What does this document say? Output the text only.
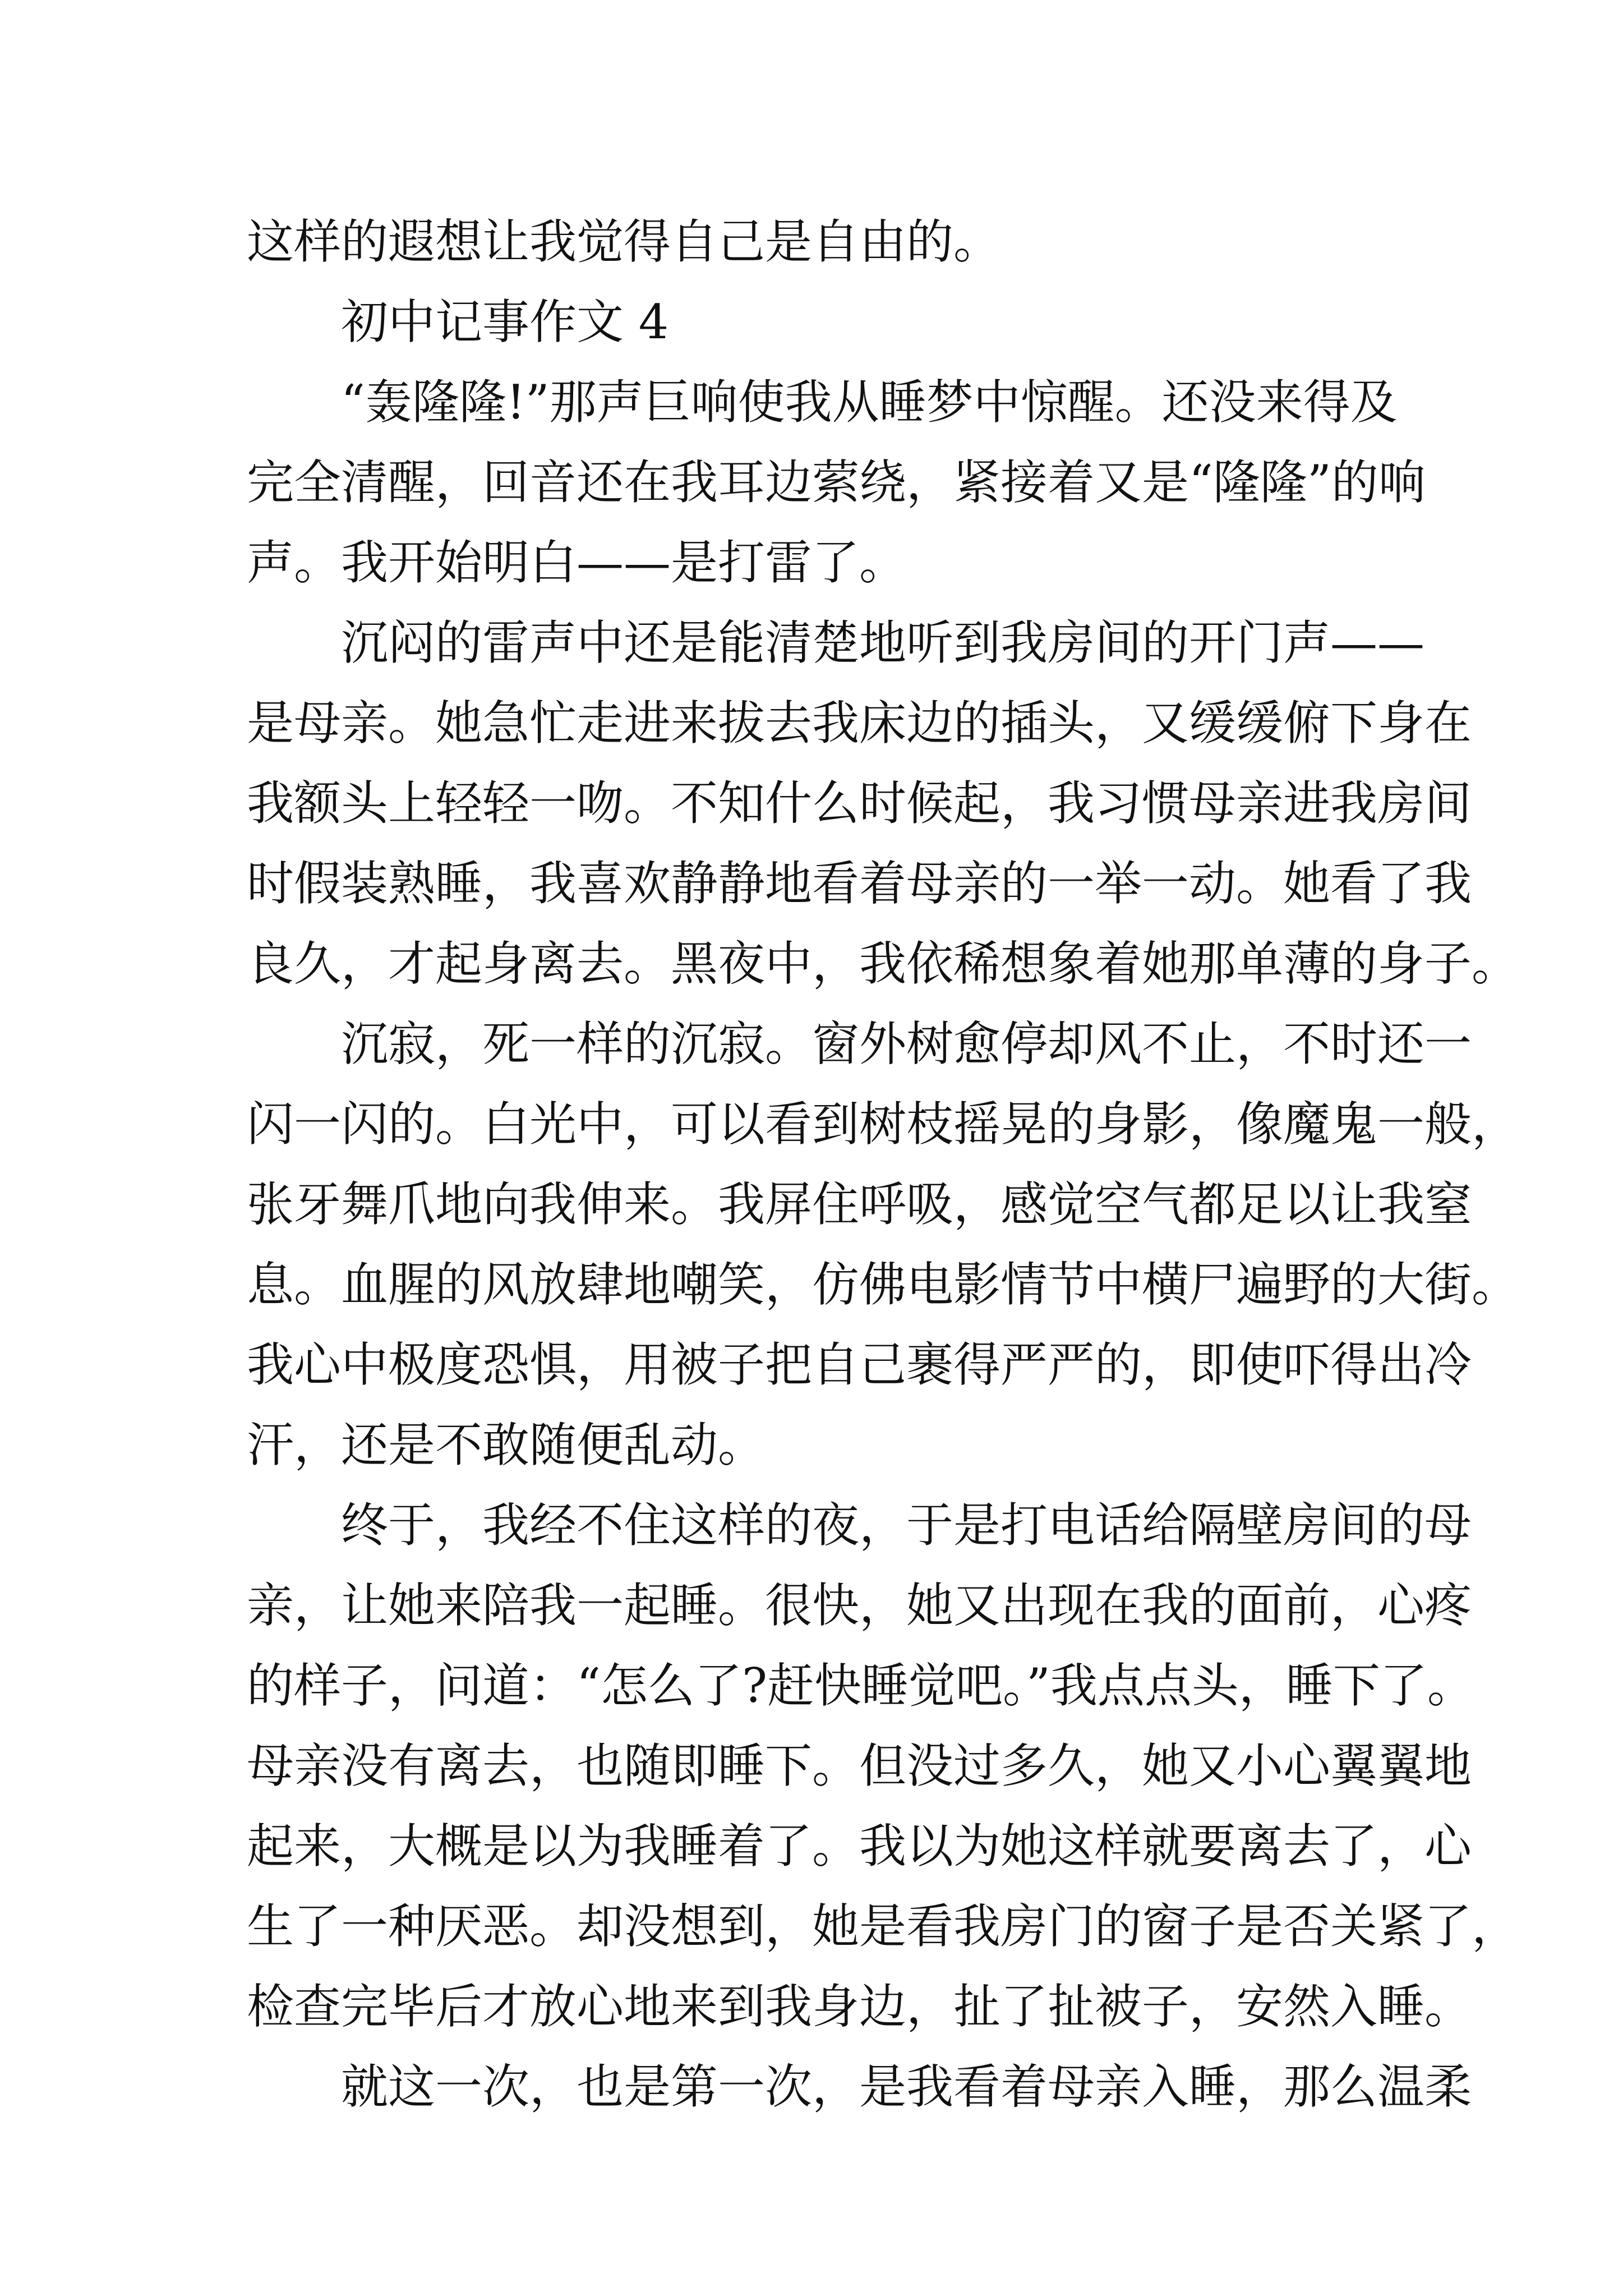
这样的遐想让我觉得自己是自由的。
初中记事作文 4
“轰隆隆!”那声巨响使我从睡梦中惊醒。还没来得及
完全清醒，回音还在我耳边萦绕，紧接着又是“隆隆”的响
声。我开始明白——是打雷了。
沉闷的雷声中还是能清楚地听到我房间的开门声——
是母亲。她急忙走进来拔去我床边的插头，又缓缓俯下身在
我额头上轻轻一吻。不知什么时候起，我习惯母亲进我房间
时假装熟睡，我喜欢静静地看着母亲的一举一动。她看了我
良久，才起身离去。黑夜中，我依稀想象着她那单薄的身子。
沉寂，死一样的沉寂。窗外树愈停却风不止，不时还一
闪一闪的。白光中，可以看到树枝摇晃的身影，像魔鬼一般，
张牙舞爪地向我伸来。我屏住呼吸，感觉空气都足以让我窒
息。血腥的风放肆地嘲笑，仿佛电影情节中横尸遍野的大街。
我心中极度恐惧，用被子把自己裹得严严的，即使吓得出冷
汗，还是不敢随便乱动。
终于，我经不住这样的夜，于是打电话给隔壁房间的母
亲，让她来陪我一起睡。很快，她又出现在我的面前，心疼
的样子，问道：“怎么了?赶快睡觉吧。”我点点头，睡下了。
母亲没有离去，也随即睡下。但没过多久，她又小心翼翼地
起来，大概是以为我睡着了。我以为她这样就要离去了，心
生了一种厌恶。却没想到，她是看我房门的窗子是否关紧了，
检查完毕后才放心地来到我身边，扯了扯被子，安然入睡。
就这一次，也是第一次，是我看着母亲入睡，那么温柔
